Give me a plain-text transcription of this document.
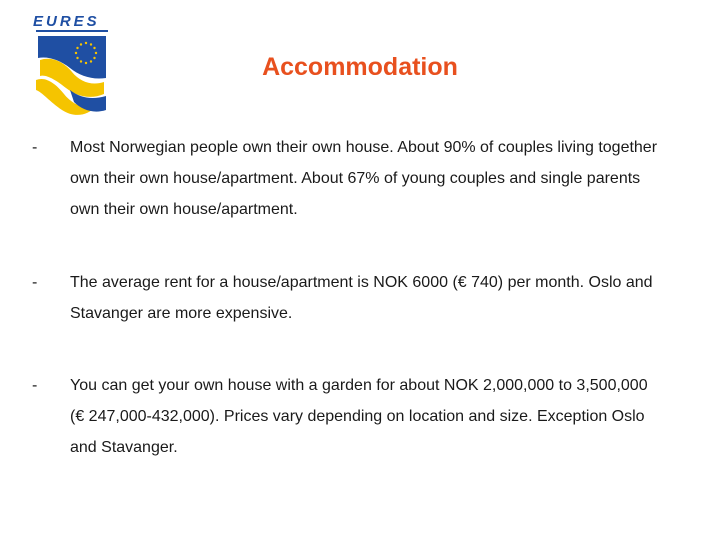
EURES
Accommodation
- Most Norwegian people own their own house. About 90% of couples living together own their own house/apartment. About 67% of young couples and single parents own their own house/apartment.
- The average rent for a house/apartment is NOK 6000 (€ 740) per month. Oslo and Stavanger are more expensive.
- You can get your own house with a garden for about NOK 2,000,000 to 3,500,000 (€ 247,000-432,000). Prices vary depending on location and size. Exception Oslo and Stavanger.
